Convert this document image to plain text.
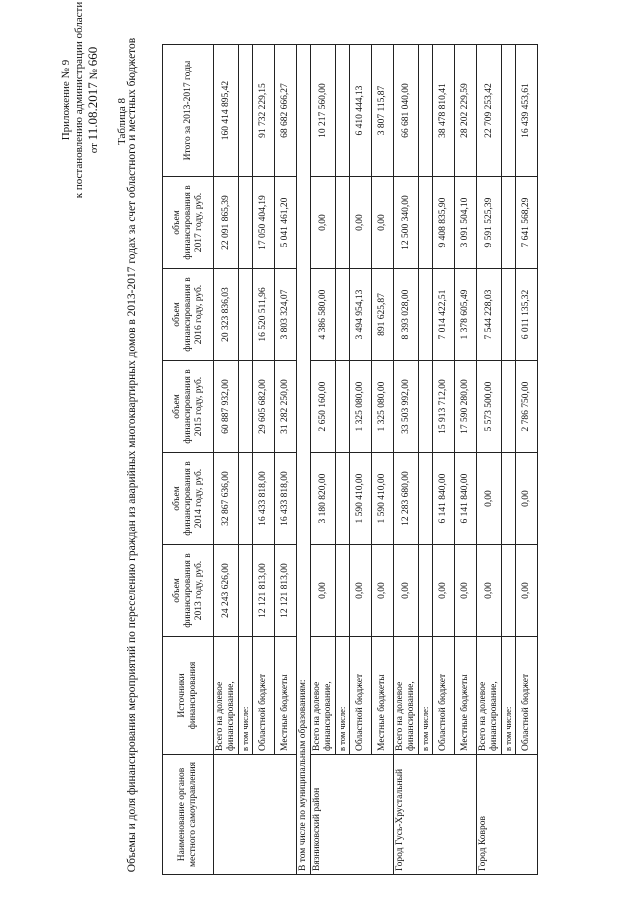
Приложение № 9 к постановлению администрации области от 11.08.2017 № 660
Таблица 8
Объемы и доля финансирования мероприятий по переселению граждан из аварийных многоквартирных домов в 2013-2017 годах за счет областного и местных бюджетов	Наименование органов местного самоуправления	Источники финансирования	объем финансирования в 2013 году, руб.	объем финансирования в 2014 году, руб.	объем финансирования в 2015 году, руб.	объем финансирования в 2016 году, руб.	объем финансирования в 2017 году, руб.	Итого за 2013-2017 годы
	Всего на долевое финансирование,	24 243 626,00	32 867 636,00	60 887 932,00	20 323 836,03	22 091 865,39	160 414 895,42
	в том числе:						
	Областной бюджет	12 121 813,00	16 433 818,00	29 605 682,00	16 520 511,96	17 050 404,19	91 732 229,15
	Местные бюджеты	12 121 813,00	16 433 818,00	31 282 250,00	3 803 324,07	5 041 461,20	68 682 666,27
В том числе по муниципальным образованиям:							
Вязниковский район	Всего на долевое финансирование,	0,00	3 180 820,00	2 650 160,00	4 386 580,00	0,00	10 217 560,00
	в том числе:						
	Областной бюджет	0,00	1 590 410,00	1 325 080,00	3 494 954,13	0,00	6 410 444,13
	Местные бюджеты	0,00	1 590 410,00	1 325 080,00	891 625,87	0,00	3 807 115,87
Город Гусь-Хрустальный	Всего на долевое финансирование,	0,00	12 283 680,00	33 503 992,00	8 393 028,00	12 500 340,00	66 681 040,00
	в том числе:						
	Областной бюджет	0,00	6 141 840,00	15 913 712,00	7 014 422,51	9 408 835,90	38 478 810,41
	Местные бюджеты	0,00	6 141 840,00	17 590 280,00	1 378 605,49	3 091 504,10	28 202 229,59
Город Ковров	Всего на долевое финансирование,	0,00	0,00	5 573 500,00	7 544 228,03	9 591 525,39	22 709 253,42
	в том числе:						
	Областной бюджет	0,00	0,00	2 786 750,00	6 011 135,32	7 641 568,29	16 439 453,61
